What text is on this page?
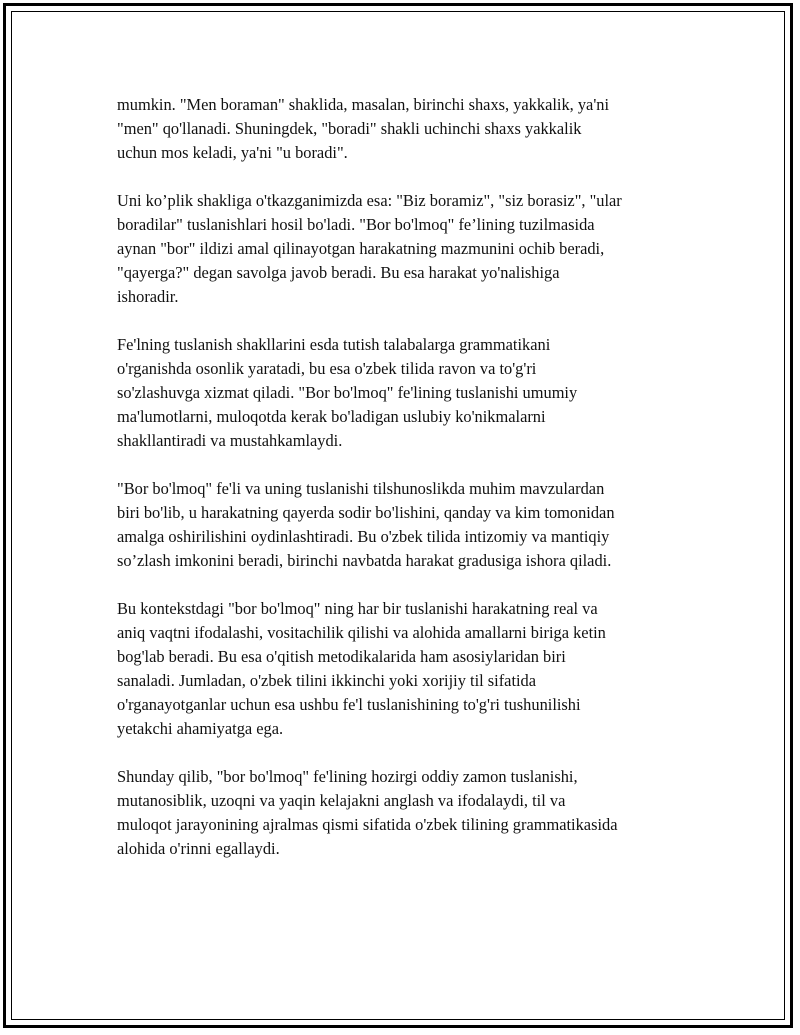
mumkin. "Men boraman" shaklida, masalan, birinchi shaxs, yakkalik, ya'ni
"men" qo'llanadi. Shuningdek, "boradi" shakli uchinchi shaxs yakkalik
uchun mos keladi, ya'ni "u boradi".

Uni ko’plik shakliga o'tkazganimizda esa: "Biz boramiz", "siz borasiz", "ular
boradilar" tuslanishlari hosil bo'ladi. "Bor bo'lmoq" fe’lining tuzilmasida
aynan "bor" ildizi amal qilinayotgan harakatning mazmunini ochib beradi,
"qayerga?" degan savolga javob beradi. Bu esa harakat yo'nalishiga
ishoradir.

Fe'lning tuslanish shakllarini esda tutish talabalarga grammatikani
o'rganishda osonlik yaratadi, bu esa o'zbek tilida ravon va to'g'ri
so'zlashuvga xizmat qiladi. "Bor bo'lmoq" fe'lining tuslanishi umumiy
ma'lumotlarni, muloqotda kerak bo'ladigan uslubiy ko'nikmalarni
shakllantiradi va mustahkamlaydi.

"Bor bo'lmoq" fe'li va uning tuslanishi tilshunoslikda muhim mavzulardan
biri bo'lib, u harakatning qayerda sodir bo'lishini, qanday va kim tomonidan
amalga oshirilishini oydinlashtiradi. Bu o'zbek tilida intizomiy va mantiqiy
so’zlash imkonini beradi, birinchi navbatda harakat gradusiga ishora qiladi.

Bu kontekstdagi "bor bo'lmoq" ning har bir tuslanishi harakatning real va
aniq vaqtni ifodalashi, vositachilik qilishi va alohida amallarni biriga ketin
bog'lab beradi. Bu esa o'qitish metodikalarida ham asosiylaridan biri
sanaladi. Jumladan, o'zbek tilini ikkinchi yoki xorijiy til sifatida
o'rganayotganlar uchun esa ushbu fe'l tuslanishining to'g'ri tushunilishi
yetakchi ahamiyatga ega.

Shunday qilib, "bor bo'lmoq" fe'lining hozirgi oddiy zamon tuslanishi,
mutanosiblik, uzoqni va yaqin kelajakni anglash va ifodalaydi, til va
muloqot jarayonining ajralmas qismi sifatida o'zbek tilining grammatikasida
alohida o'rinni egallaydi.
